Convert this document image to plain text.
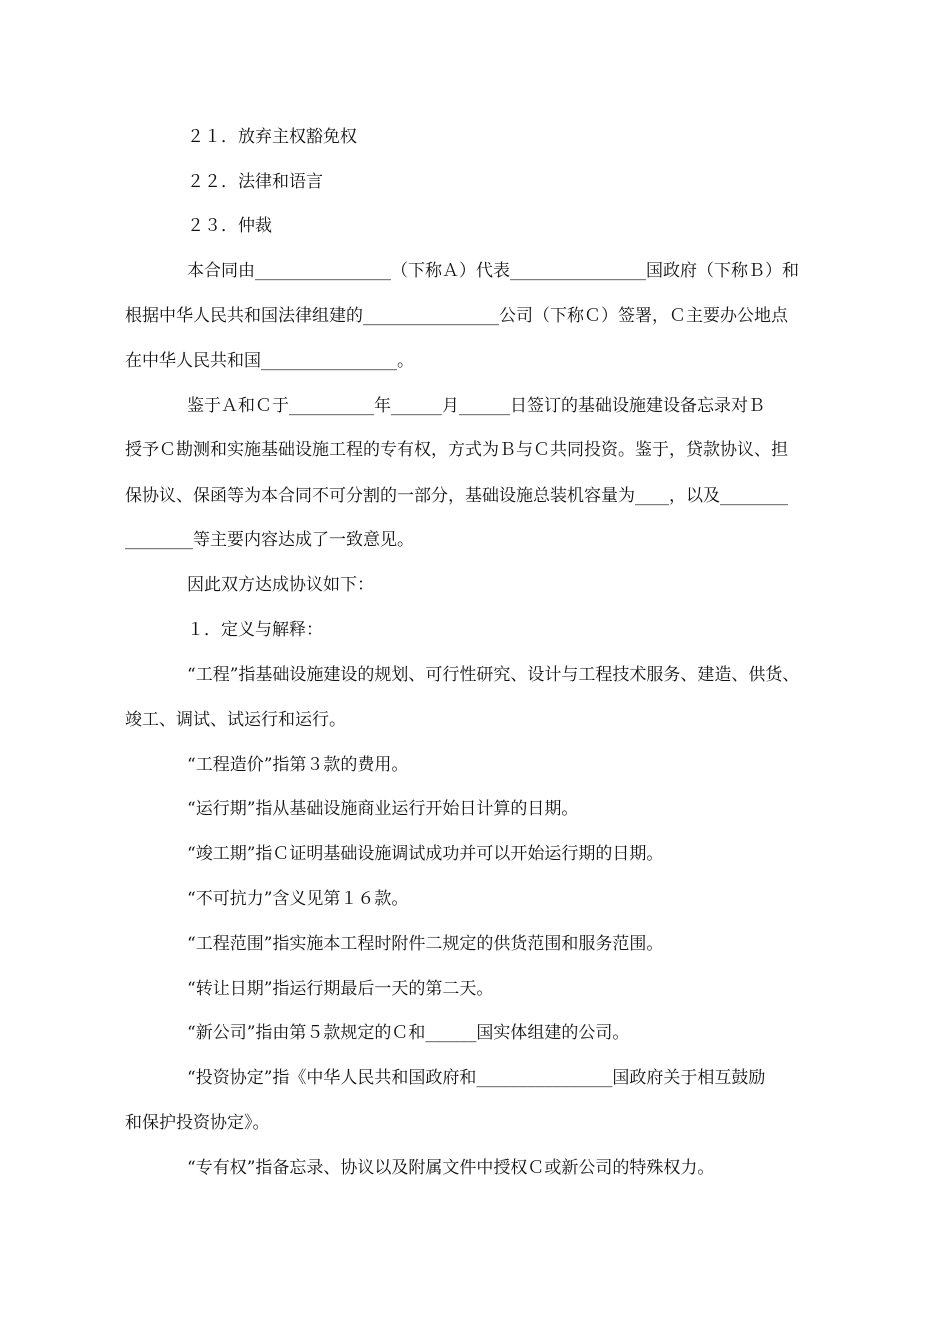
２１．放弃主权豁免权
２２．法律和语言
２３．仲裁
本合同由________________（下称Ａ）代表________________国政府（下称Ｂ）和
根据中华人民共和国法律组建的________________公司（下称Ｃ）签署，Ｃ主要办公地点
在中华人民共和国________________。
鉴于Ａ和Ｃ于__________年______月______日签订的基础设施建设备忘录对Ｂ
授予Ｃ勘测和实施基础设施工程的专有权，方式为Ｂ与Ｃ共同投资。鉴于，贷款协议、担
保协议、保函等为本合同不可分割的一部分，基础设施总装机容量为____，以及________
________等主要内容达成了一致意见。
因此双方达成协议如下：
１．定义与解释：
“工程”指基础设施建设的规划、可行性研究、设计与工程技术服务、建造、供货、
竣工、调试、试运行和运行。
“工程造价”指第３款的费用。
“运行期”指从基础设施商业运行开始日计算的日期。
“竣工期”指Ｃ证明基础设施调试成功并可以开始运行期的日期。
“不可抗力”含义见第１６款。
“工程范围”指实施本工程时附件二规定的供货范围和服务范围。
“转让日期”指运行期最后一天的第二天。
“新公司”指由第５款规定的Ｃ和______国实体组建的公司。
“投资协定”指《中华人民共和国政府和________________国政府关于相互鼓励
和保护投资协定》。
“专有权”指备忘录、协议以及附属文件中授权Ｃ或新公司的特殊权力。
